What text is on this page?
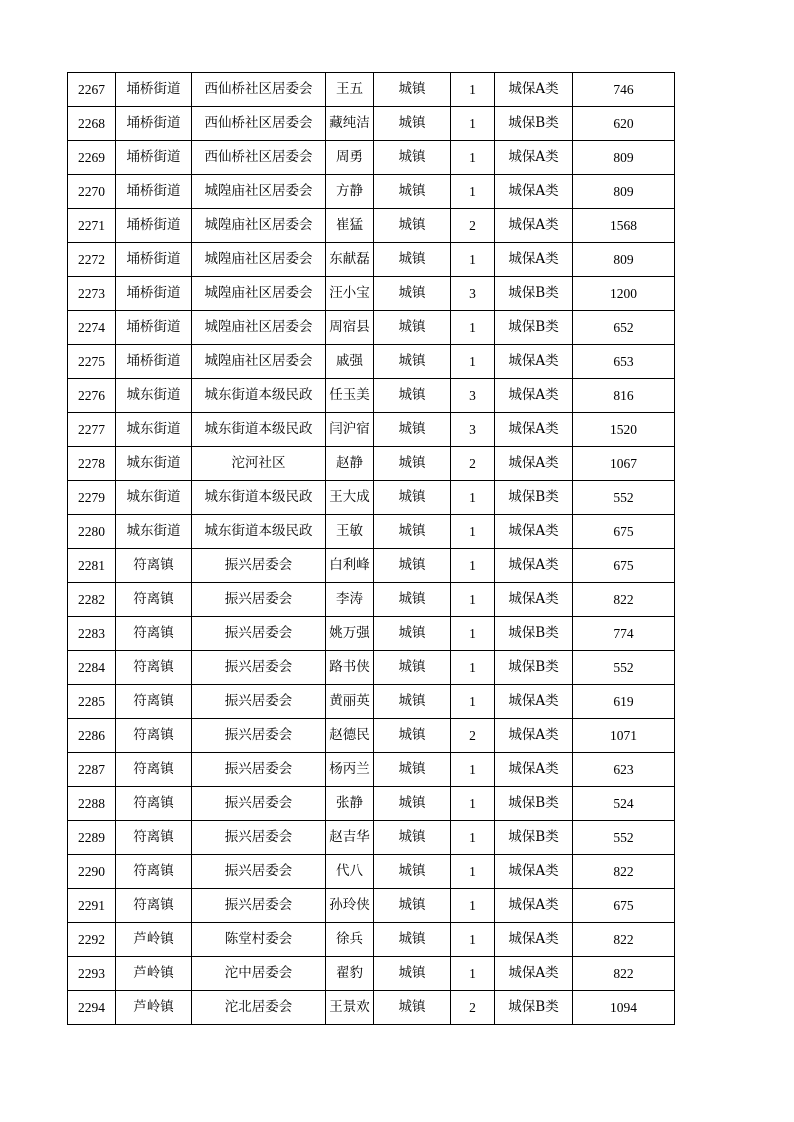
2267	埇桥街道	西仙桥社区居委会	王五	城镇	1	城保A类	746
2268	埇桥街道	西仙桥社区居委会	藏纯洁	城镇	1	城保B类	620
2269	埇桥街道	西仙桥社区居委会	周勇	城镇	1	城保A类	809
2270	埇桥街道	城隍庙社区居委会	方静	城镇	1	城保A类	809
2271	埇桥街道	城隍庙社区居委会	崔猛	城镇	2	城保A类	1568
2272	埇桥街道	城隍庙社区居委会	东献磊	城镇	1	城保A类	809
2273	埇桥街道	城隍庙社区居委会	汪小宝	城镇	3	城保B类	1200
2274	埇桥街道	城隍庙社区居委会	周宿县	城镇	1	城保B类	652
2275	埇桥街道	城隍庙社区居委会	戚强	城镇	1	城保A类	653
2276	城东街道	城东街道本级民政	任玉美	城镇	3	城保A类	816
2277	城东街道	城东街道本级民政	闫沪宿	城镇	3	城保A类	1520
2278	城东街道	沱河社区	赵静	城镇	2	城保A类	1067
2279	城东街道	城东街道本级民政	王大成	城镇	1	城保B类	552
2280	城东街道	城东街道本级民政	王敏	城镇	1	城保A类	675
2281	符离镇	振兴居委会	白利峰	城镇	1	城保A类	675
2282	符离镇	振兴居委会	李涛	城镇	1	城保A类	822
2283	符离镇	振兴居委会	姚万强	城镇	1	城保B类	774
2284	符离镇	振兴居委会	路书侠	城镇	1	城保B类	552
2285	符离镇	振兴居委会	黄丽英	城镇	1	城保A类	619
2286	符离镇	振兴居委会	赵德民	城镇	2	城保A类	1071
2287	符离镇	振兴居委会	杨丙兰	城镇	1	城保A类	623
2288	符离镇	振兴居委会	张静	城镇	1	城保B类	524
2289	符离镇	振兴居委会	赵吉华	城镇	1	城保B类	552
2290	符离镇	振兴居委会	代八	城镇	1	城保A类	822
2291	符离镇	振兴居委会	孙玲侠	城镇	1	城保A类	675
2292	芦岭镇	陈堂村委会	徐兵	城镇	1	城保A类	822
2293	芦岭镇	沱中居委会	翟豹	城镇	1	城保A类	822
2294	芦岭镇	沱北居委会	王景欢	城镇	2	城保B类	1094
